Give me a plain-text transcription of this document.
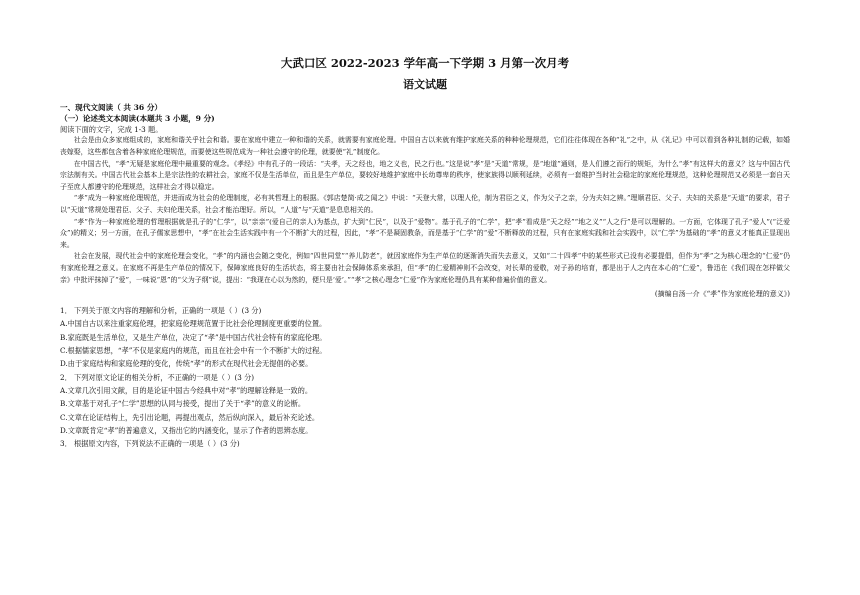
大武口区 2022-2023 学年高一下学期 3 月第一次月考

语文试题

一、现代文阅读（ 共 36 分）

（一）论述类文本阅读(本题共 3 小题，9 分)

阅读下面的文字，完成 1-3 题。

社会是由众多家庭组成的，家庭和谐关乎社会和谐。要在家庭中建立一种和谐的关系，就需要有家庭伦理。中国自古以来就有维护家庭关系的种种伦理规范，它们往往体现在各种“礼”之中，从《礼记》中可以看到各种礼制的记载，如婚丧嫁娶，这些都包含着各种家庭伦理规范，而要使这些规范成为一种社会遵守的伦理，就要使“礼”制度化。

在中国古代，“孝”无疑是家庭伦理中最重要的观念。《孝经》中有孔子的一段话：“夫孝，天之经也，地之义也，民之行也。”这是说“孝”是“天道”常规，是“地道”通则，是人们遵之而行的规矩，为什么“孝”有这样大的意义？这与中国古代宗法制有关。中国古代社会基本上是宗法性的农耕社会，家庭不仅是生活单位，而且是生产单位，要较好地维护家庭中长幼尊卑的秩序，使家族得以顺利延续，必须有一套维护当时社会稳定的家庭伦理规范，这种伦理规范又必须是一套自天子至庶人都遵守的伦理规范，这样社会才得以稳定。

“孝”成为一种家庭伦理规范，并进而成为社会的伦理制度，必有其哲理上的根据。《郭店楚简·成之闻之》中说：“天登大常，以理人伦，制为君臣之义，作为父子之亲，分为夫妇之辨。”理顺君臣、父子、夫妇的关系是“天道”的要求，君子以“天道”常规处理君臣、父子、夫妇伦理关系，社会才能治理好。所以，“人道”与“天道”是息息相关的。

“孝”作为一种家庭伦理的哲理根据就是孔子的“仁学”，以“亲亲”(爱自己的亲人)为基点，扩大到“仁民”，以及于“爱物”。基于孔子的“仁学”，把“孝”看成是“天之经”“地之义”“人之行”是可以理解的。一方面，它体现了孔子“爱人”(“泛爱众”)的精义；另一方面，在孔子儒家思想中，“孝”在社会生活实践中有一个不断扩大的过程，因此，“孝”不是凝固教条，而是基于“仁学”的“爱”不断释放的过程，只有在家庭实践和社会实践中，以“仁学”为基础的“孝”的意义才能真正显现出来。

社会在发展，现代社会中的家庭伦理会变化，“孝”的内涵也会随之变化，例如“四世同堂”“养儿防老”，就因家庭作为生产单位的逐渐消失而失去意义，又如“二十四孝”中的某些形式已没有必要提倡，但作为“孝”之为核心理念的“仁爱”仍有家庭伦理之意义。在家庭不再是生产单位的情况下，保障家庭良好的生活状态，将主要由社会保障体系来承担，但“孝”的仁爱精神则不会改变，对长辈的爱敬，对子孙的培育，都是出于人之内在本心的“仁爱”，鲁迅在《我们现在怎样做父亲》中批评抹掉了“爱”，一味说“恩”的“父为子纲”说，提出：“我现在心以为然的，便只是‘爱’。”“孝”之核心理念“仁爱”作为家庭伦理仍具有某种普遍价值的意义。

(摘编自汤一介《“孝”作为家庭伦理的意义》)

1． 下列关于原文内容的理解和分析，正确的一项是（ ）(3 分)

A.中国自古以来注重家庭伦理，把家庭伦理规范置于比社会伦理制度更重要的位置。

B.家庭既是生活单位，又是生产单位，决定了“孝”是中国古代社会特有的家庭伦理。

C.根据儒家思想，“孝”不仅是家庭内的规范，而且在社会中有一个不断扩大的过程。

D.由于家庭结构和家庭伦理的变化，传统“孝”的形式在现代社会无提倡的必要。

2． 下列对原文论证的相关分析，不正确的一项是（ ）(3 分)

A.文章几次引用文献，目的是论证中国古今经典中对“孝”的理解诠释是一致的。

B.文章基于对孔子“仁学”思想的认同与接受，提出了关于“孝”的意义的论断。

C.文章在论证结构上，先引出论题，再提出观点，然后纵向深入，最后补充论述。

D.文章既肯定“孝”的普遍意义，又指出它的内涵变化，显示了作者的思辨态度。

3． 根据原文内容，下列说法不正确的一项是（ ）(3 分)
